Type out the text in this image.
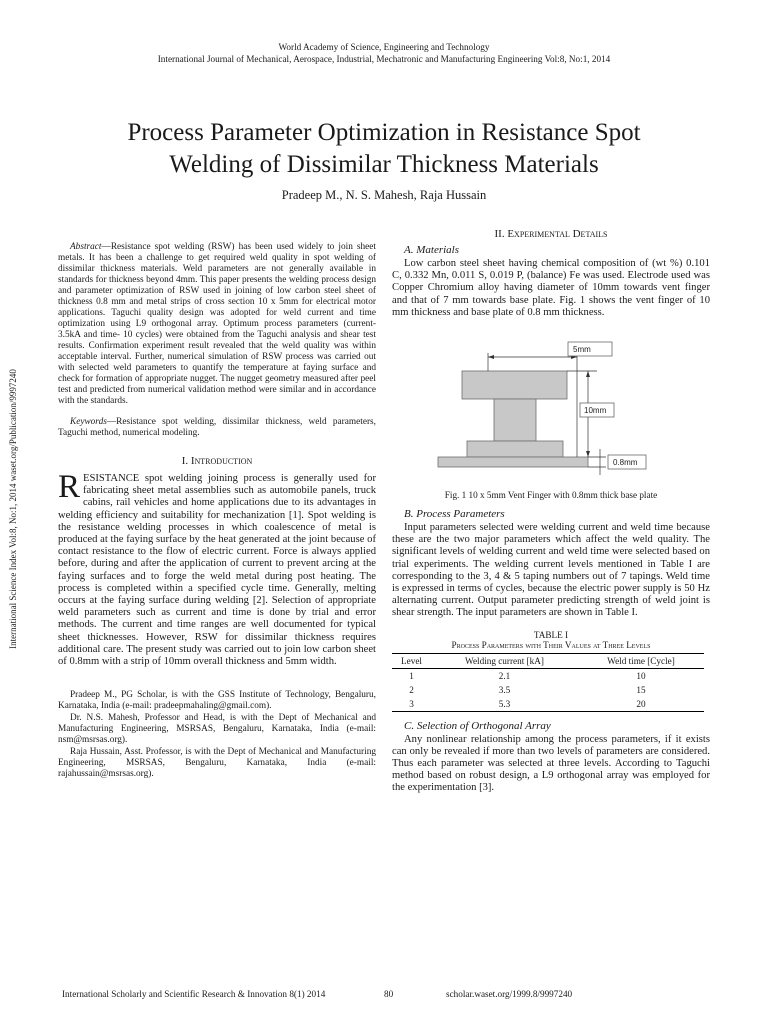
World Academy of Science, Engineering and Technology
International Journal of Mechanical, Aerospace, Industrial, Mechatronic and Manufacturing Engineering Vol:8, No:1, 2014
International Science Index Vol:8, No:1, 2014 waset.org/Publication/9997240
Process Parameter Optimization in Resistance Spot
Welding of Dissimilar Thickness Materials
Pradeep M., N. S. Mahesh, Raja Hussain

Abstract—Resistance spot welding (RSW) has been used widely to join sheet metals. It has been a challenge to get required weld quality in spot welding of dissimilar thickness materials. Weld parameters are not generally available in standards for thickness beyond 4mm. This paper presents the welding process design and parameter optimization of RSW used in joining of low carbon steel sheet of thickness 0.8 mm and metal strips of cross section 10 x 5mm for electrical motor applications. Taguchi quality design was adopted for weld current and time optimization using L9 orthogonal array. Optimum process parameters (current- 3.5kA and time- 10 cycles) were obtained from the Taguchi analysis and shear test results. Confirmation experiment result revealed that the weld quality was within acceptable interval. Further, numerical simulation of RSW process was carried out with selected weld parameters to quantify the temperature at faying surface and check for formation of appropriate nugget. The nugget geometry measured after peel test and predicted from numerical validation method were similar and in accordance with the standards.

Keywords—Resistance spot welding, dissimilar thickness, weld parameters, Taguchi method, numerical modeling.

I. Introduction

RESISTANCE spot welding joining process is generally used for fabricating sheet metal assemblies such as automobile panels, truck cabins, rail vehicles and home applications due to its advantages in welding efficiency and suitability for mechanization [1]. Spot welding is the resistance welding processes in which coalescence of metal is produced at the faying surface by the heat generated at the joint because of contact resistance to the flow of electric current. Force is always applied before, during and after the application of current to prevent arcing at the faying surfaces and to forge the weld metal during post heating. The process is completed within a specified cycle time. Generally, melting occurs at the faying surface during welding [2]. Selection of appropriate weld parameters such as current and time is done by trial and error methods. The current and time ranges are well documented for typical sheet thicknesses. However, RSW for dissimilar thickness requires additional care. The present study was carried out to join low carbon sheet of 0.8mm with a strip of 10mm overall thickness and 5mm width.

Pradeep M., PG Scholar, is with the GSS Institute of Technology, Bengaluru, Karnataka, India (e-mail: pradeepmahaling@gmail.com).

Dr. N.S. Mahesh, Professor and Head, is with the Dept of Mechanical and Manufacturing Engineering, MSRSAS, Bengaluru, Karnataka, India (e-mail: nsm@msrsas.org).

Raja Hussain, Asst. Professor, is with the Dept of Mechanical and Manufacturing Engineering, MSRSAS, Bengaluru, Karnataka, India (e-mail: rajahussain@msrsas.org).

II. Experimental Details
A. Materials

Low carbon steel sheet having chemical composition of (wt %) 0.101 C, 0.332 Mn, 0.011 S, 0.019 P, (balance) Fe was used. Electrode used was Copper Chromium alloy having diameter of 10mm towards vent finger and that of 7 mm towards base plate. Fig. 1 shows the vent finger of 10 mm thickness and base plate of 0.8 mm thickness.

5mm
10mm
0.8mm
Fig. 1 10 x 5mm Vent Finger with 0.8mm thick base plate
B. Process Parameters

Input parameters selected were welding current and weld time because these are the two major parameters which affect the weld quality. The significant levels of welding current and weld time were selected based on trial experiments. The welding current levels mentioned in Table I are corresponding to the 3, 4 & 5 taping numbers out of 7 tapings. Weld time is expressed in terms of cycles, because the electric power supply is 50 Hz alternating current. Output parameter predicting strength of weld joint is shear strength. The input parameters are shown in Table I.

TABLE I
Process Parameters with Their Values at Three Levels
Level	Welding current [kA]	Weld time [Cycle]
1	2.1	10
2	3.5	15
3	5.3	20
C. Selection of Orthogonal Array

Any nonlinear relationship among the process parameters, if it exists can only be revealed if more than two levels of parameters are considered. Thus each parameter was selected at three levels. According to Taguchi method based on robust design, a L9 orthogonal array was employed for the experimentation [3].

International Scholarly and Scientific Research & Innovation 8(1) 2014	80	scholar.waset.org/1999.8/9997240
